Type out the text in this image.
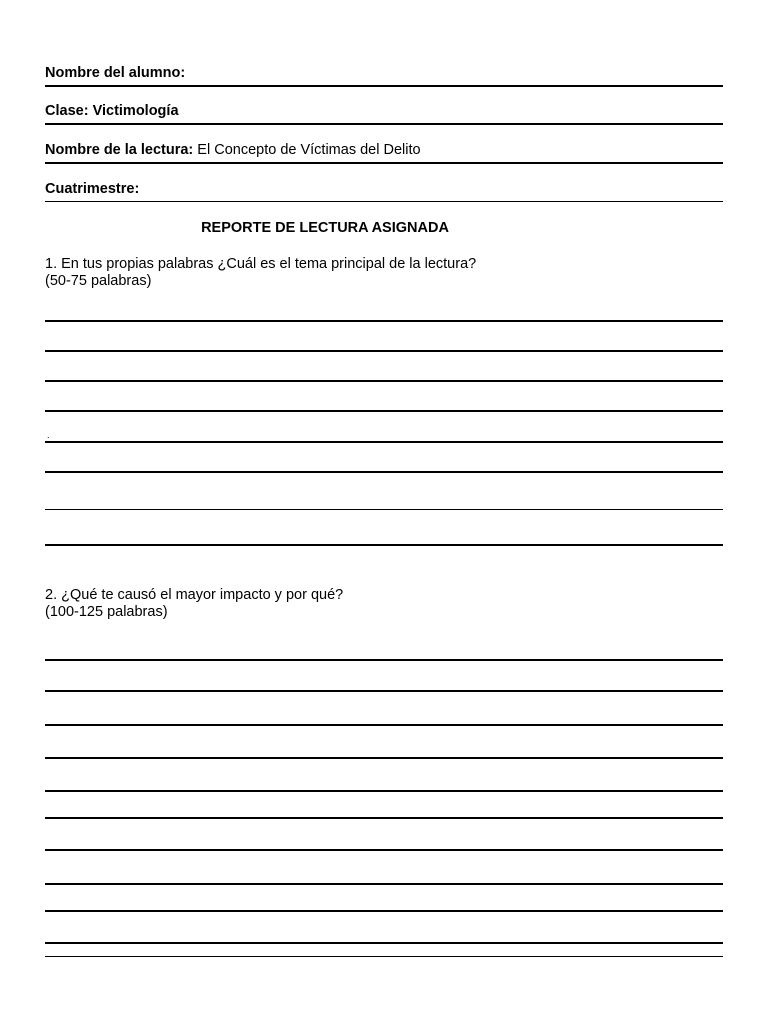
Nombre del alumno:
Clase: Victimología
Nombre de la lectura: El Concepto de Víctimas del Delito
Cuatrimestre:
REPORTE DE LECTURA ASIGNADA
1. En tus propias palabras ¿Cuál es el tema principal de la lectura?
(50-75 palabras)
.
2. ¿Qué te causó el mayor impacto y por qué?
(100-125 palabras)
